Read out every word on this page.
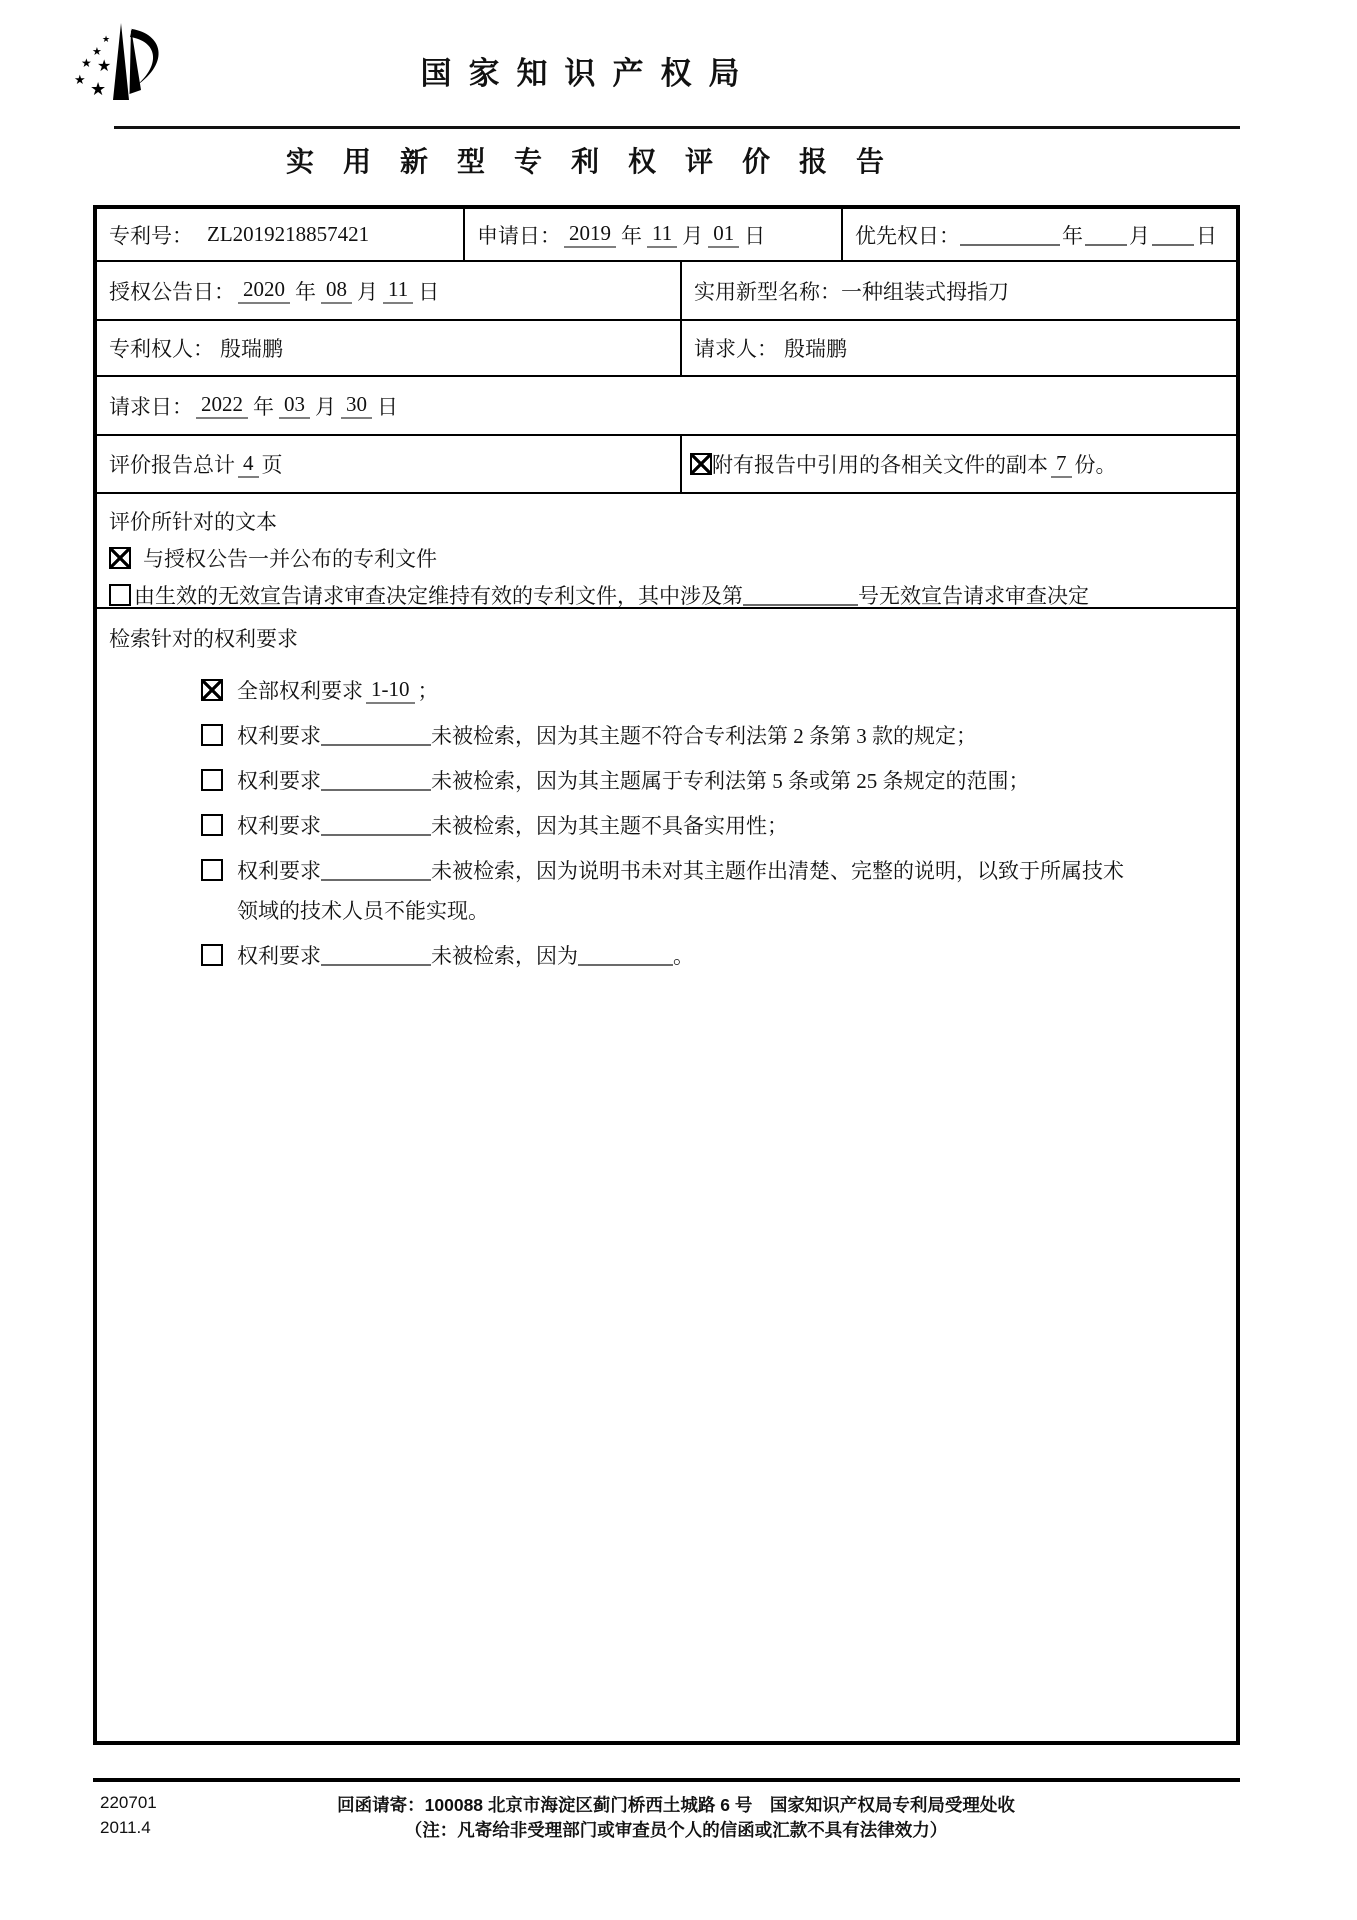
★
★
★ ★
★ ★	国家知识产权局
实用新型专利权评价报告
专利号： ZL2019218857421	申请日： 2019 年 11 月 01 日	优先权日：	年 月 日
授权公告日： 2020 年 08 月 11 日	实用新型名称： 一种组装式拇指刀
专利权人： 殷瑞鹏	请求人： 殷瑞鹏
请求日： 2022 年 03 月 30 日
评价报告总计 4 页	附有报告中引用的各相关文件的副本 7 份。
评价所针对的文本
与授权公告一并公布的专利文件
由生效的无效宣告请求审查决定维持有效的专利文件，其中涉及第	号无效宣告请求审查决定
检索针对的权利要求
全部权利要求 1-10 ；
权利要求	未被检索，因为其主题不符合专利法第 2 条第 3 款的规定；
权利要求	未被检索，因为其主题属于专利法第 5 条或第 25 条规定的范围；
权利要求	未被检索，因为其主题不具备实用性；
权利要求	未被检索，因为说明书未对其主题作出清楚、完整的说明，以致于所属技术
领域的技术人员不能实现。
权利要求	未被检索，因为	。
220701
2011.4
回函请寄：100088 北京市海淀区蓟门桥西土城路 6 号　国家知识产权局专利局受理处收
（注：凡寄给非受理部门或审查员个人的信函或汇款不具有法律效力）
